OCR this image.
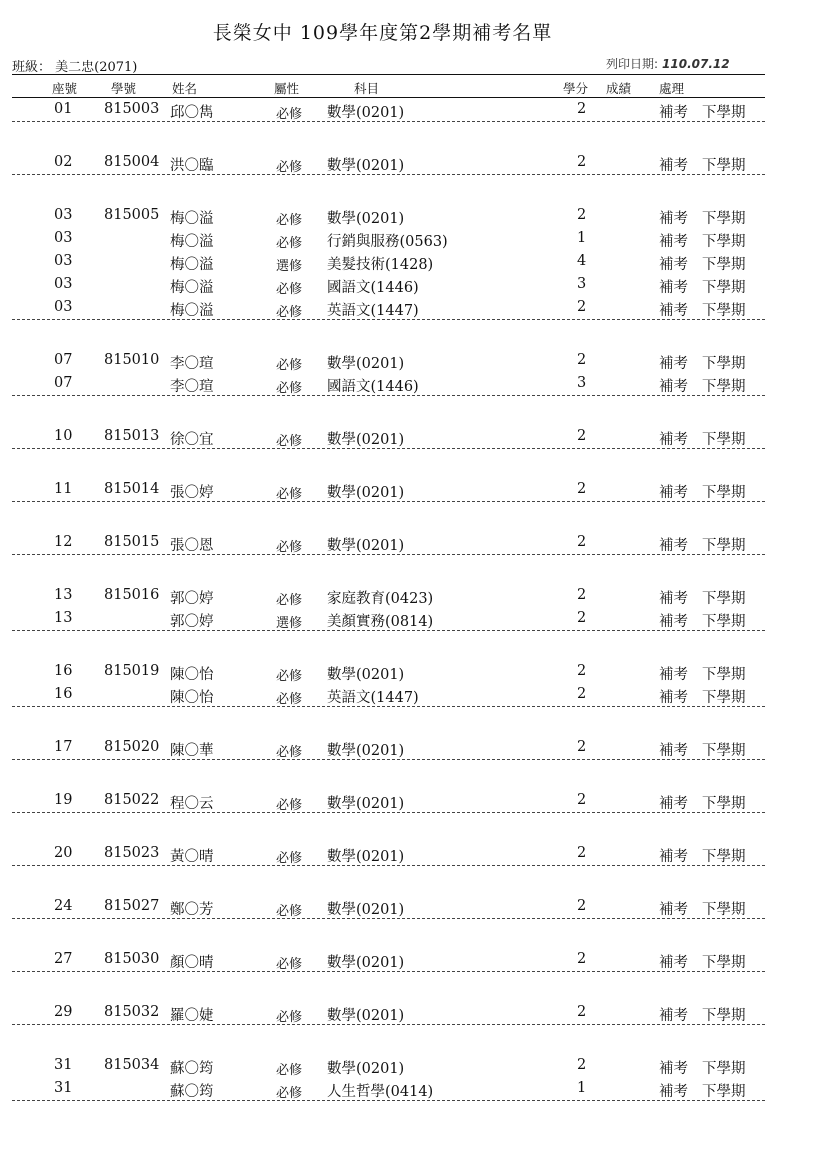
長榮女中 109學年度第2學期補考名單
班級： 美二忠(2071)	列印日期: 110.07.12
座號	學號	姓名	屬性	科目	學分 成績 處理
01 815003 邱〇雋	必修 數學(0201)	2	補考 下學期
02 815004 洪〇臨	必修 數學(0201)	2	補考 下學期
03 815005 梅〇溢	必修 數學(0201)	2	補考 下學期
03	梅〇溢	必修 行銷與服務(0563)	1	補考 下學期
03	梅〇溢	選修 美髮技術(1428)	4	補考 下學期
03	梅〇溢	必修 國語文(1446)	3	補考 下學期
03	梅〇溢	必修 英語文(1447)	2	補考 下學期
07 815010 李〇瑄	必修 數學(0201)	2	補考 下學期
07	李〇瑄	必修 國語文(1446)	3	補考 下學期
10 815013 徐〇宜	必修 數學(0201)	2	補考 下學期
11 815014 張〇婷	必修 數學(0201)	2	補考 下學期
12 815015 張〇恩	必修 數學(0201)	2	補考 下學期
13 815016 郭〇婷	必修 家庭教育(0423)	2	補考 下學期
13	郭〇婷	選修 美顏實務(0814)	2	補考 下學期
16 815019 陳〇怡	必修 數學(0201)	2	補考 下學期
16	陳〇怡	必修 英語文(1447)	2	補考 下學期
17 815020 陳〇華	必修 數學(0201)	2	補考 下學期
19 815022 程〇云	必修 數學(0201)	2	補考 下學期
20 815023 黃〇晴	必修 數學(0201)	2	補考 下學期
24 815027 鄭〇芳	必修 數學(0201)	2	補考 下學期
27 815030 顏〇晴	必修 數學(0201)	2	補考 下學期
29 815032 羅〇婕	必修 數學(0201)	2	補考 下學期
31 815034 蘇〇筠	必修 數學(0201)	2	補考 下學期
31	蘇〇筠	必修 人生哲學(0414)	1	補考 下學期
